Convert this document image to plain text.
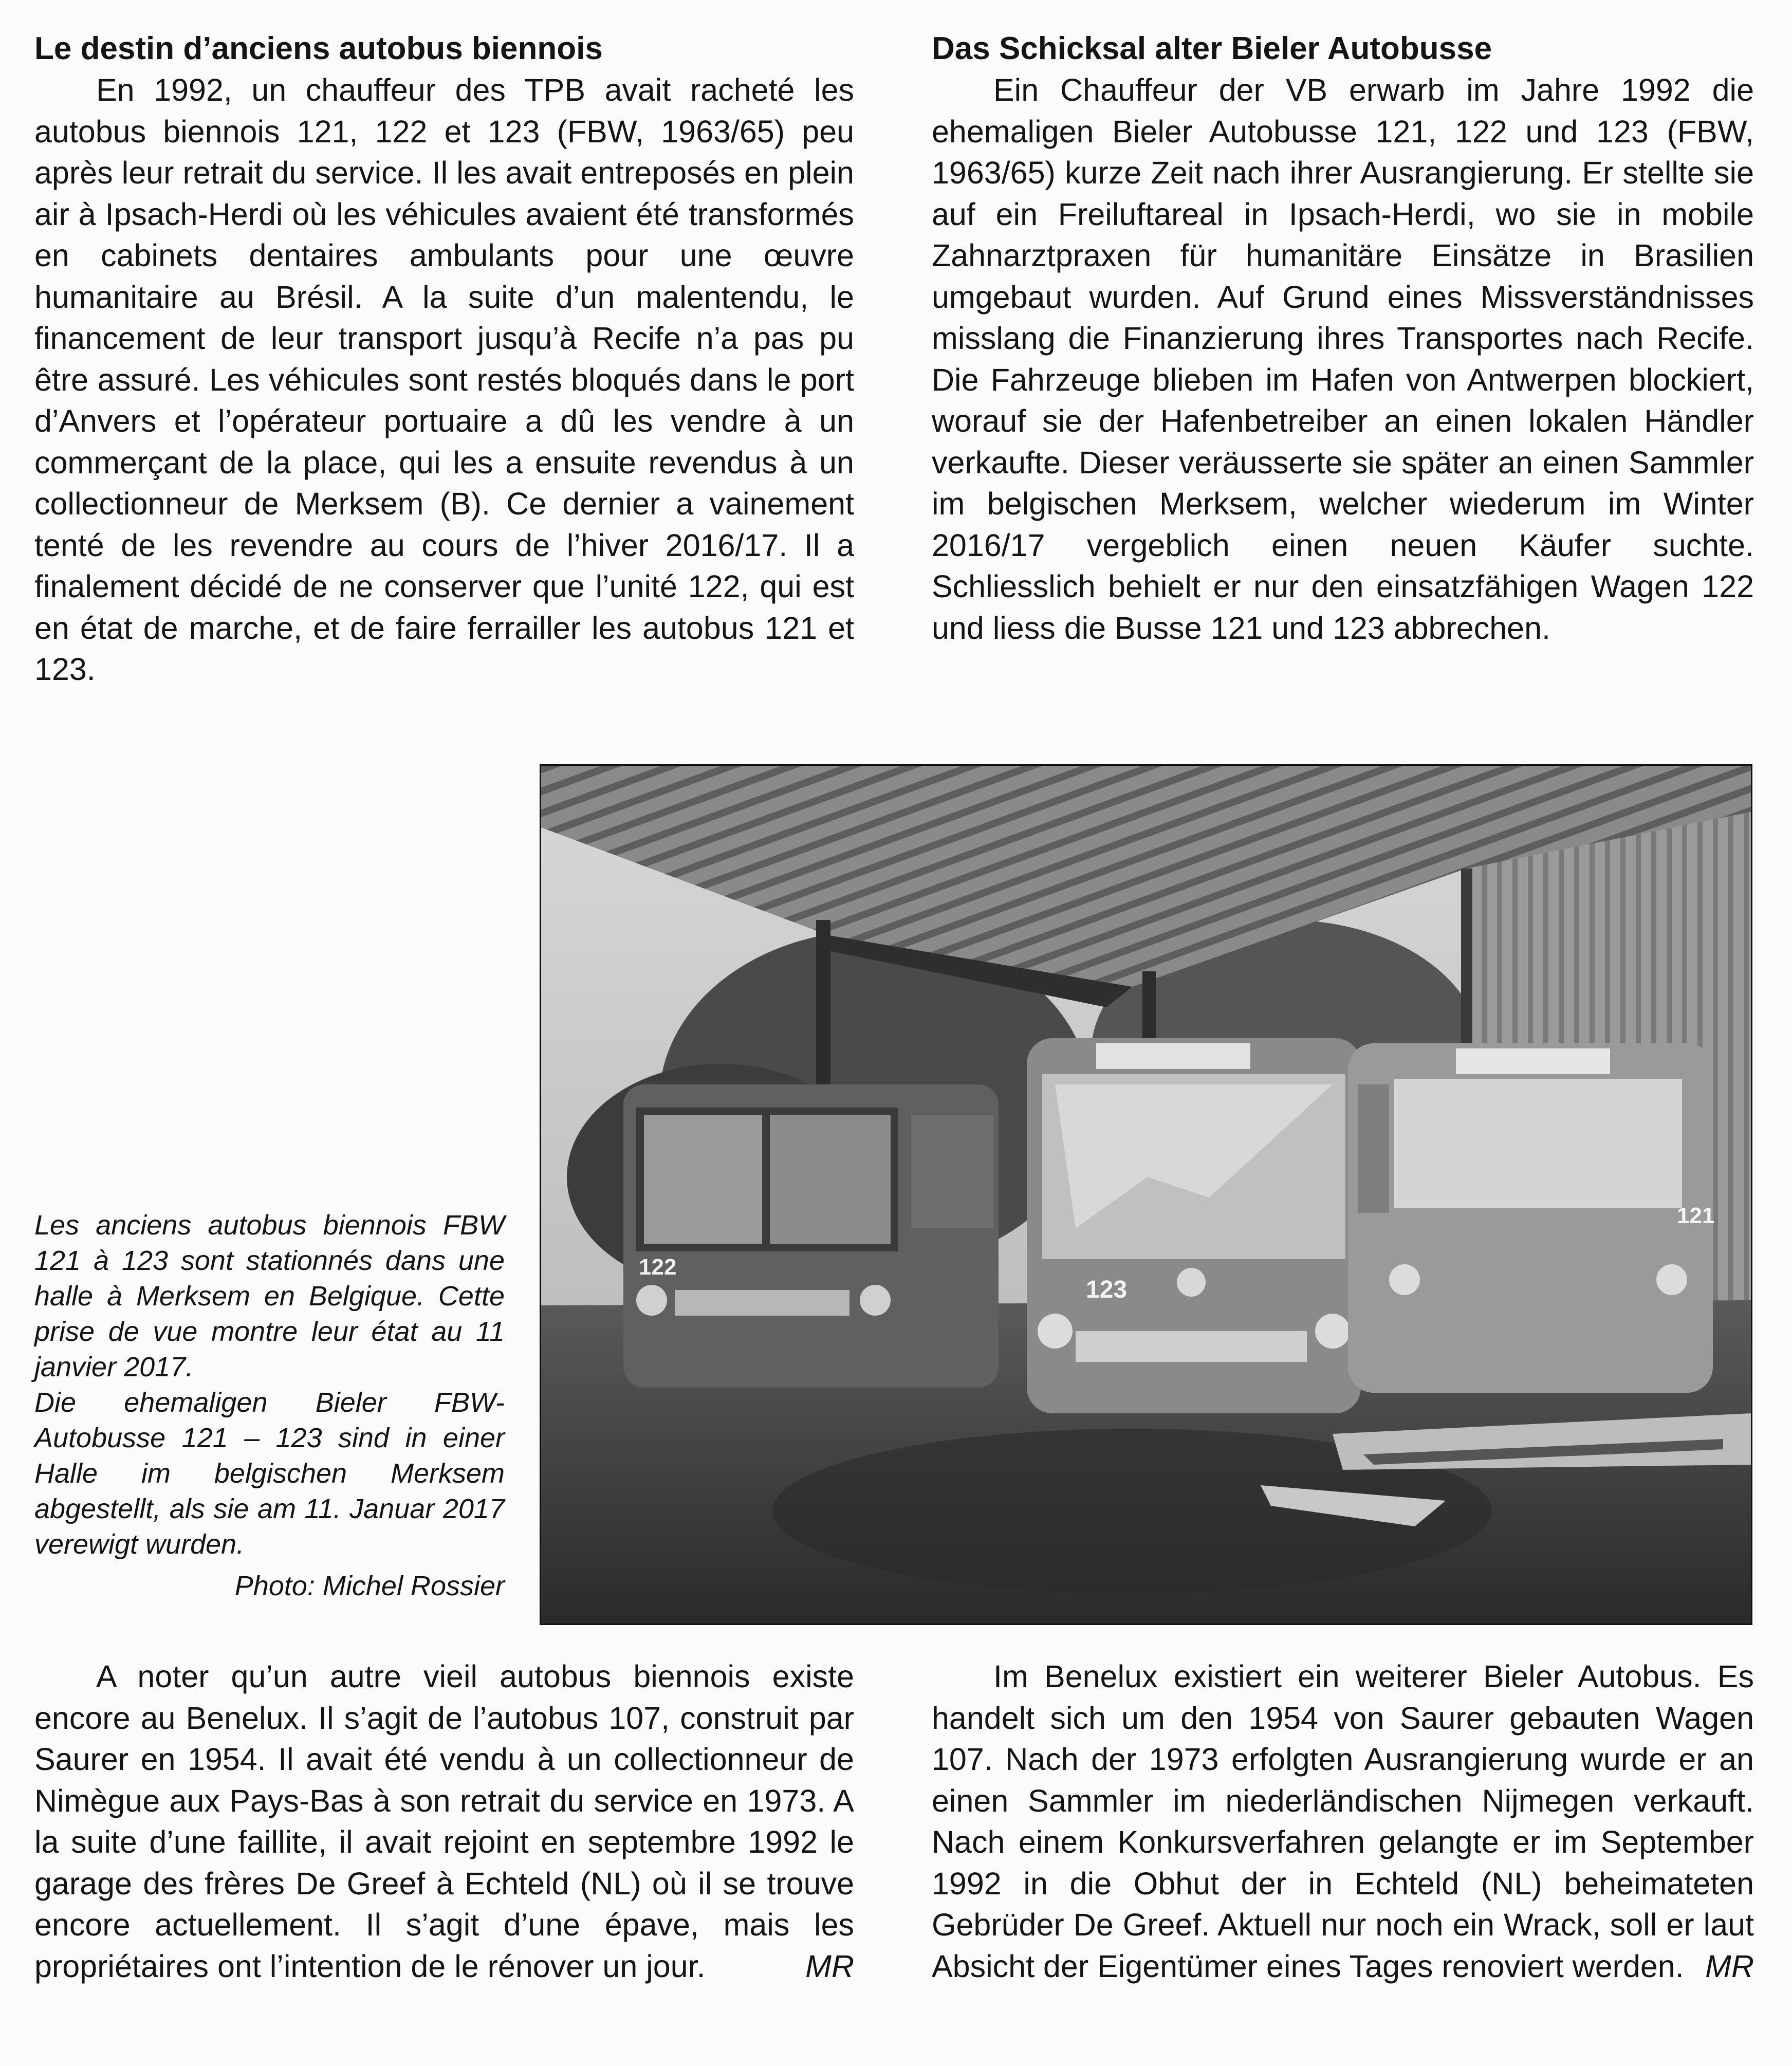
Le destin d’anciens autobus biennois

En 1992, un chauffeur des TPB avait racheté les autobus biennois 121, 122 et 123 (FBW, 1963/65) peu après leur retrait du service. Il les avait entreposés en plein air à Ipsach-Herdi où les véhicules avaient été transformés en cabinets dentaires ambulants pour une œuvre humanitaire au Brésil. A la suite d’un malentendu, le financement de leur transport jusqu’à Recife n’a pas pu être assuré. Les véhicules sont restés bloqués dans le port d’Anvers et l’opérateur portuaire a dû les vendre à un commerçant de la place, qui les a ensuite revendus à un collectionneur de Merksem (B). Ce dernier a vainement tenté de les revendre au cours de l’hiver 2016/17. Il a finalement décidé de ne conserver que l’unité 122, qui est en état de marche, et de faire ferrailler les autobus 121 et 123.

Das Schicksal alter Bieler Autobusse

Ein Chauffeur der VB erwarb im Jahre 1992 die ehemaligen Bieler Autobusse 121, 122 und 123 (FBW, 1963/65) kurze Zeit nach ihrer Ausrangierung. Er stellte sie auf ein Freiluftareal in Ipsach-Herdi, wo sie in mobile Zahnarztpraxen für humanitäre Einsätze in Brasilien umgebaut wurden. Auf Grund eines Missverständnisses misslang die Finanzierung ihres Transportes nach Recife. Die Fahrzeuge blieben im Hafen von Antwerpen blockiert, worauf sie der Hafenbetreiber an einen lokalen Händler verkaufte. Dieser veräusserte sie später an einen Sammler im belgischen Merksem, welcher wiederum im Winter 2016/17 vergeblich einen neuen Käufer suchte. Schliesslich behielt er nur den einsatzfähigen Wagen 122 und liess die Busse 121 und 123 abbrechen.

Les anciens autobus biennois FBW 121 à 123 sont stationnés dans une halle à Merksem en Belgique. Cette prise de vue montre leur état au 11 janvier 2017.

Die ehemaligen Bieler FBW-Autobusse 121 – 123 sind in einer Halle im belgischen Merksem abgestellt, als sie am 11. Januar 2017 verewigt wurden.

Photo: Michel Rossier

122
123
121

A noter qu’un autre vieil autobus biennois existe encore au Benelux. Il s’agit de l’autobus 107, construit par Saurer en 1954. Il avait été vendu à un collectionneur de Nimègue aux Pays-Bas à son retrait du service en 1973. A la suite d’une faillite, il avait rejoint en septembre 1992 le garage des frères De Greef à Echteld (NL) où il se trouve encore actuellement. Il s’agit d’une épave, mais les propriétaires ont l’intention de le rénover un jour.	MR

Im Benelux existiert ein weiterer Bieler Autobus. Es handelt sich um den 1954 von Saurer gebauten Wagen 107. Nach der 1973 erfolgten Ausrangierung wurde er an einen Sammler im niederländischen Nijmegen verkauft. Nach einem Konkursverfahren gelangte er im September 1992 in die Obhut der in Echteld (NL) beheimateten Gebrüder De Greef. Aktuell nur noch ein Wrack, soll er laut Absicht der Eigentümer eines Tages renoviert werden. MR
